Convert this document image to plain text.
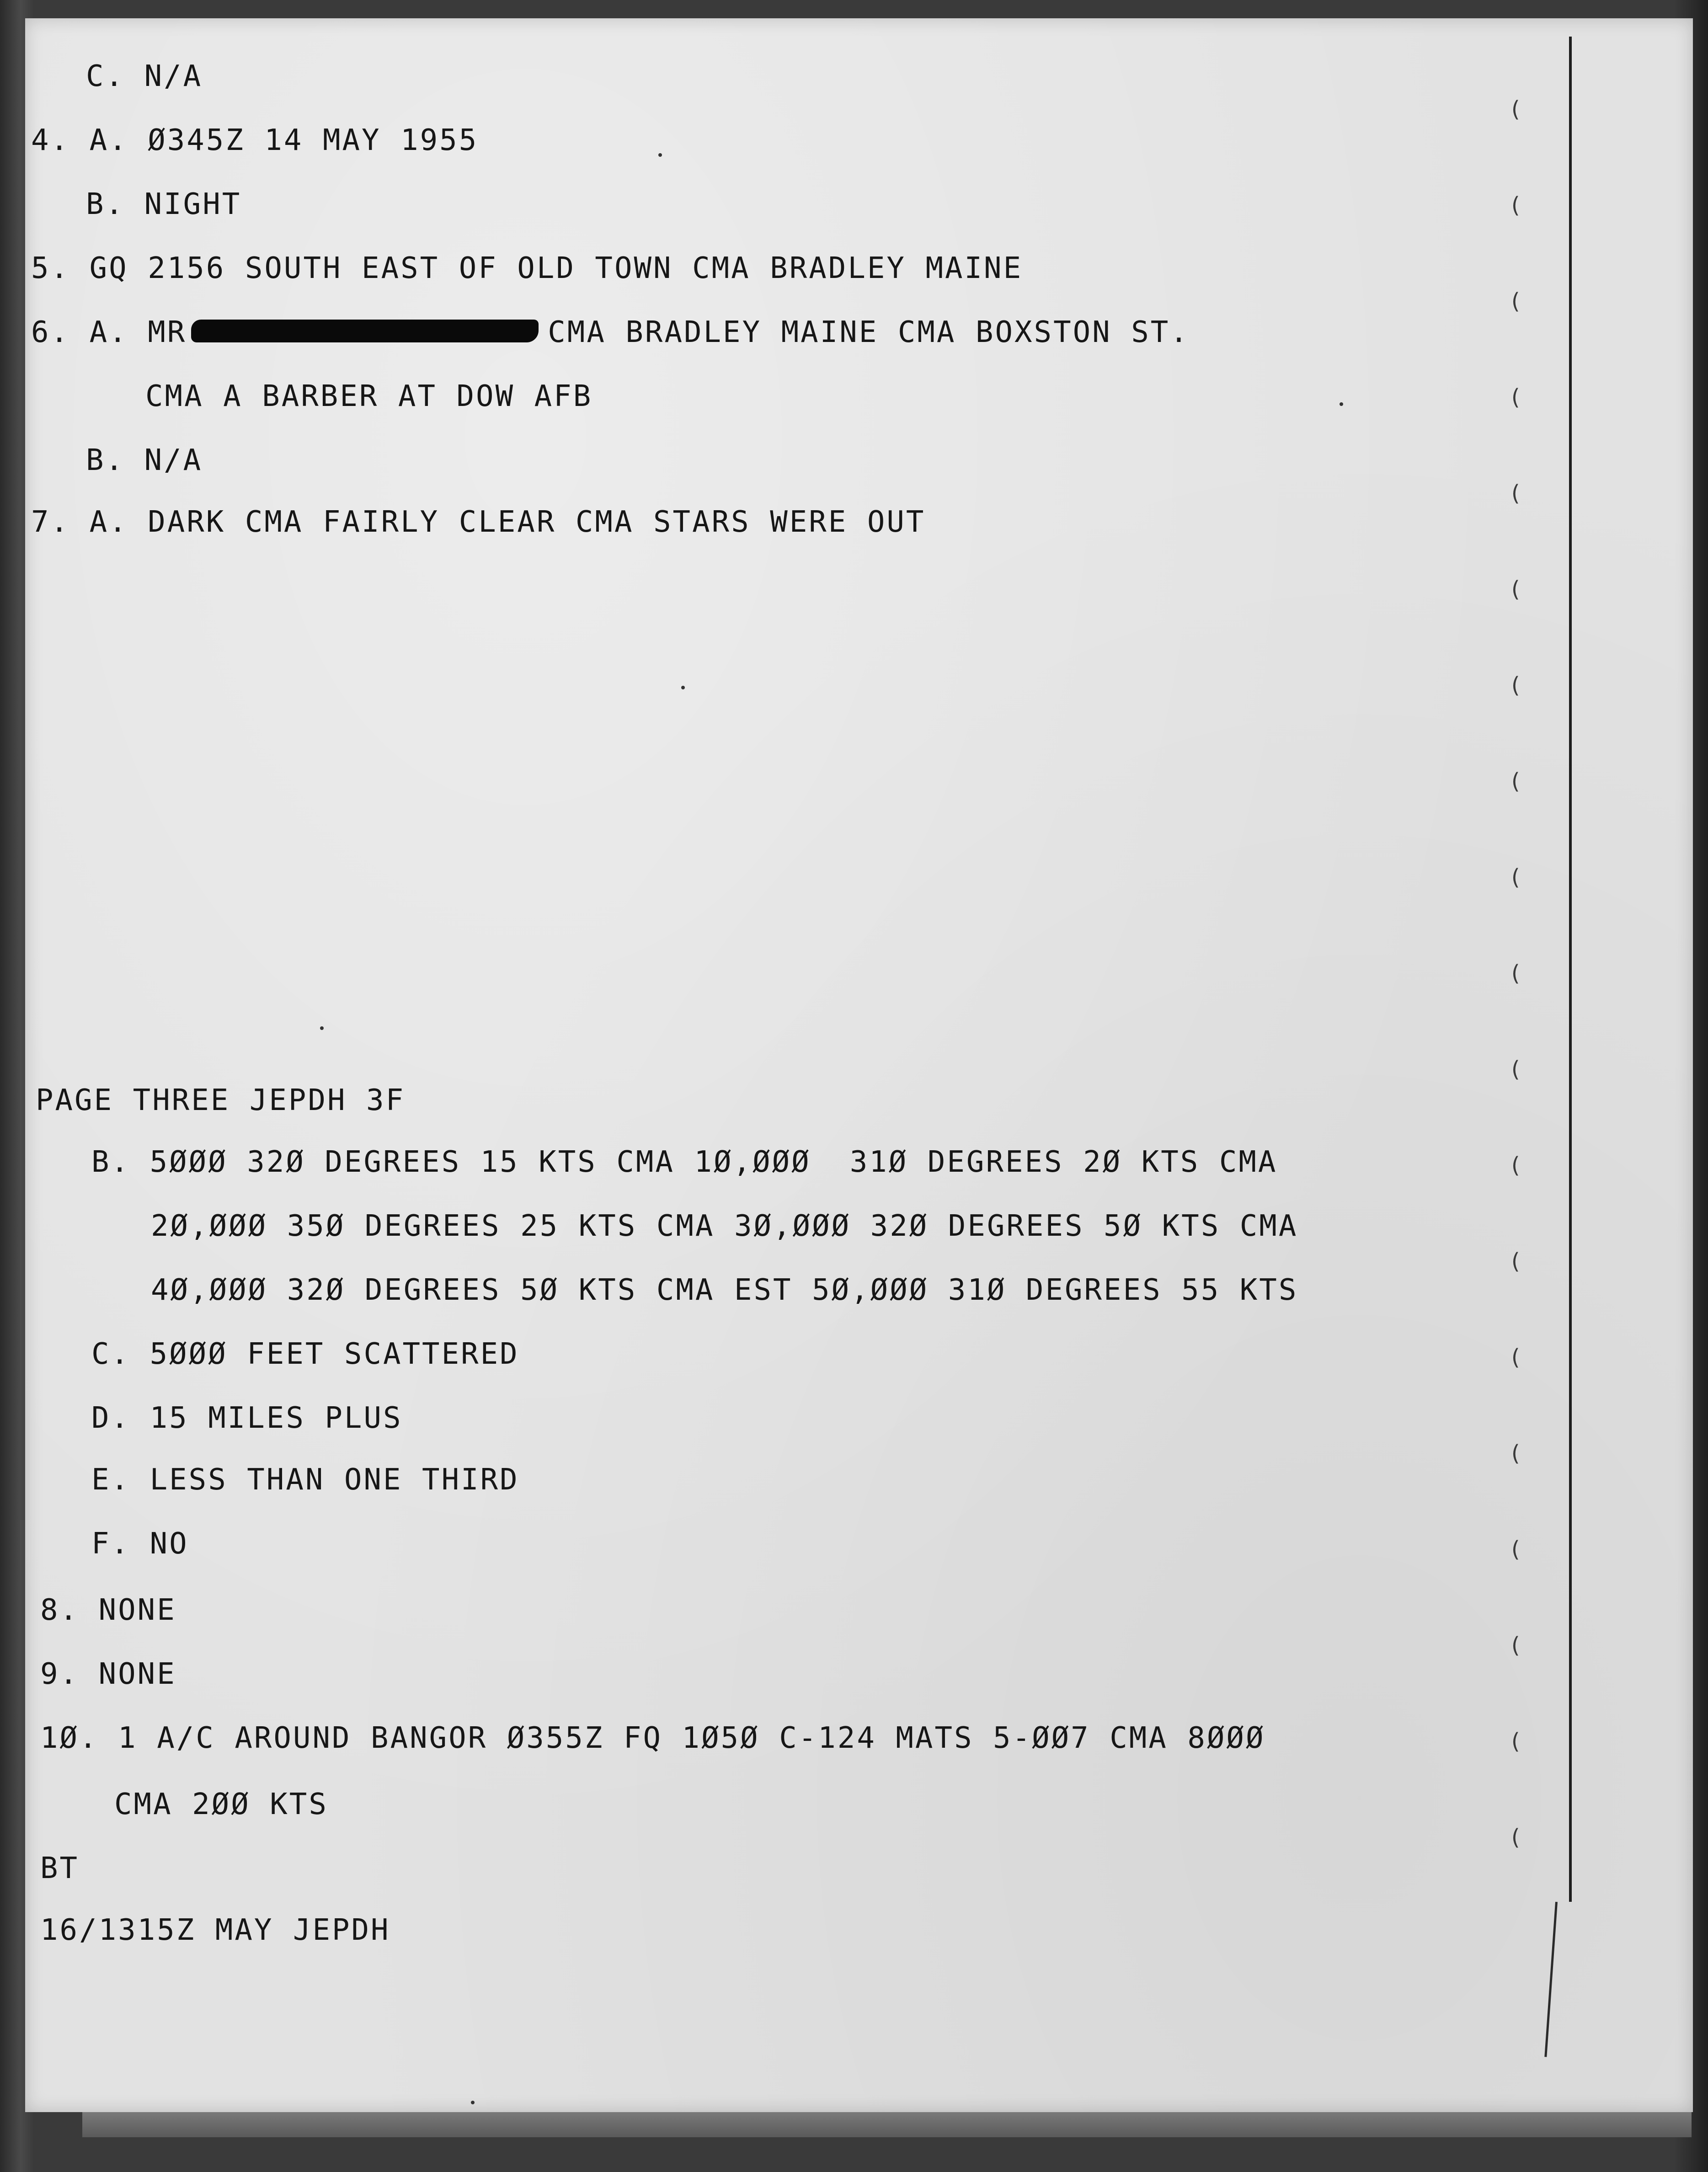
(
(
(
(
(
(
(
(
(
(
(
(
(
(
(
(
(
(
(
C. N/A
4. A. Ø345Z 14 MAY 1955
B. NIGHT
5. GQ 2156 SOUTH EAST OF OLD TOWN CMA BRADLEY MAINE
6. A. MR	CMA BRADLEY MAINE CMA BOXSTON ST.
CMA A BARBER AT DOW AFB
B. N/A
7. A. DARK CMA FAIRLY CLEAR CMA STARS WERE OUT
PAGE THREE JEPDH 3F
B. 5ØØØ 32Ø DEGREES 15 KTS CMA 1Ø,ØØØ  31Ø DEGREES 2Ø KTS CMA
2Ø,ØØØ 35Ø DEGREES 25 KTS CMA 3Ø,ØØØ 32Ø DEGREES 5Ø KTS CMA
4Ø,ØØØ 32Ø DEGREES 5Ø KTS CMA EST 5Ø,ØØØ 31Ø DEGREES 55 KTS
C. 5ØØØ FEET SCATTERED
D. 15 MILES PLUS
E. LESS THAN ONE THIRD
F. NO
8. NONE
9. NONE
1Ø. 1 A/C AROUND BANGOR Ø355Z FQ 1Ø5Ø C-124 MATS 5-ØØ7 CMA 8ØØØ
CMA 2ØØ KTS
BT
16/1315Z MAY JEPDH
